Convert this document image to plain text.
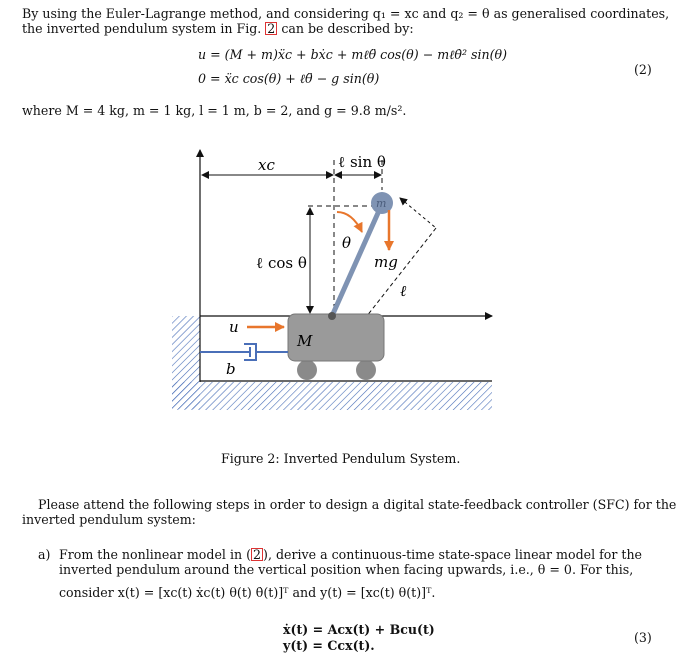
By using the Euler-Lagrange method, and considering q₁ = xc and q₂ = θ as generalised coordinates,
the inverted pendulum system in Fig. 2 can be described by:
u = (M + m)ẍc + bẋc + mℓθ̈ cos(θ) − mℓθ̇² sin(θ)
0 = ẍc cos(θ) + ℓθ̈ − g sin(θ)
(2)
where M = 4 kg, m = 1 kg, l = 1 m, b = 2, and g = 9.8 m/s².
xc	ℓ sin θ
m
θ
ℓ cos θ	mg
ℓ
u
M
b
Figure 2: Inverted Pendulum System.
Please attend the following steps in order to design a digital state-feedback controller (SFC) for the
inverted pendulum system:
a) From the nonlinear model in ( 2 ), derive a continuous-time state-space linear model for the
inverted pendulum around the vertical position when facing upwards, i.e., θ = 0. For this,
consider x(t) = [xc(t) ẋc(t) θ(t) θ̇(t)]ᵀ and y(t) = [xc(t) θ(t)]ᵀ.
ẋ(t) = Acx(t) + Bcu(t)
y(t) = Ccx(t).
(3)
